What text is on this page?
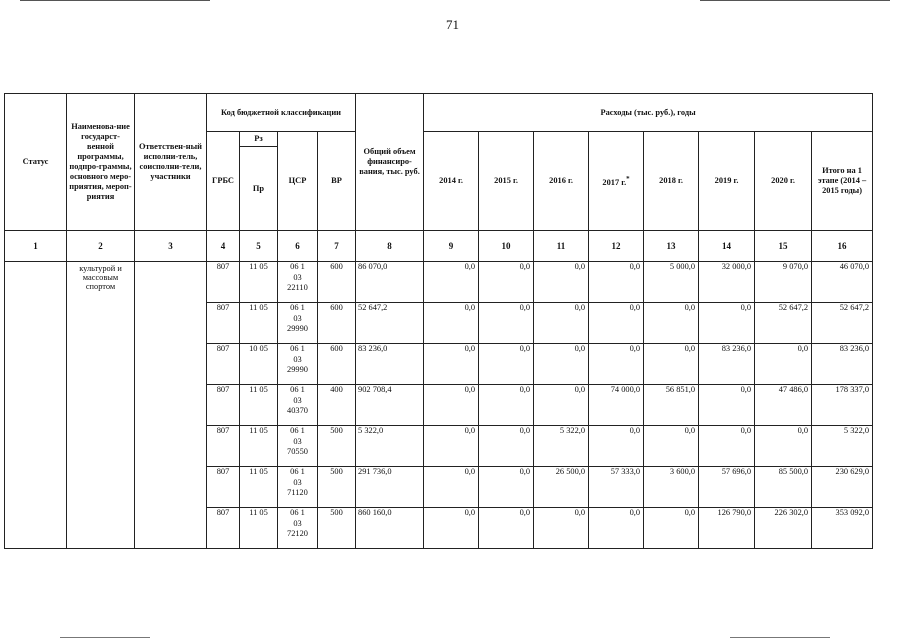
71
Статус	Наименова-ние государст-венной программы, подпро-граммы, основного меро-приятия, мероп-риятия	Ответствен-ный исполни-тель, соисполни-тели, участники	Код бюджетной классификации				Общий объем финансиро-вания, тыс. руб.	Расходы (тыс. руб.), годы							
			ГРБС	Рз	ЦСР	ВР		2014 г.	2015 г.	2016 г.	2017 г.*	2018 г.	2019 г.	2020 г.	Итого на 1 этапе (2014 – 2015 годы)
				Пр											
1	2	3	4	5	6	7	8	9	10	11	12	13	14	15	16
	культурой и массовым спортом		807	11 05	06 1
03
22110	600	86 070,0	0,0	0,0	0,0	0,0	5 000,0	32 000,0	9 070,0	46 070,0
			807	11 05	06 1
03
29990	600	52 647,2	0,0	0,0	0,0	0,0	0,0	0,0	52 647,2	52 647,2
			807	10 05	06 1
03
29990	600	83 236,0	0,0	0,0	0,0	0,0	0,0	83 236,0	0,0	83 236,0
			807	11 05	06 1
03
40370	400	902 708,4	0,0	0,0	0,0	74 000,0	56 851,0	0,0	47 486,0	178 337,0
			807	11 05	06 1
03
70550	500	5 322,0	0,0	0,0	5 322,0	0,0	0,0	0,0	0,0	5 322,0
			807	11 05	06 1
03
71120	500	291 736,0	0,0	0,0	26 500,0	57 333,0	3 600,0	57 696,0	85 500,0	230 629,0
			807	11 05	06 1
03
72120	500	860 160,0	0,0	0,0	0,0	0,0	0,0	126 790,0	226 302,0	353 092,0
